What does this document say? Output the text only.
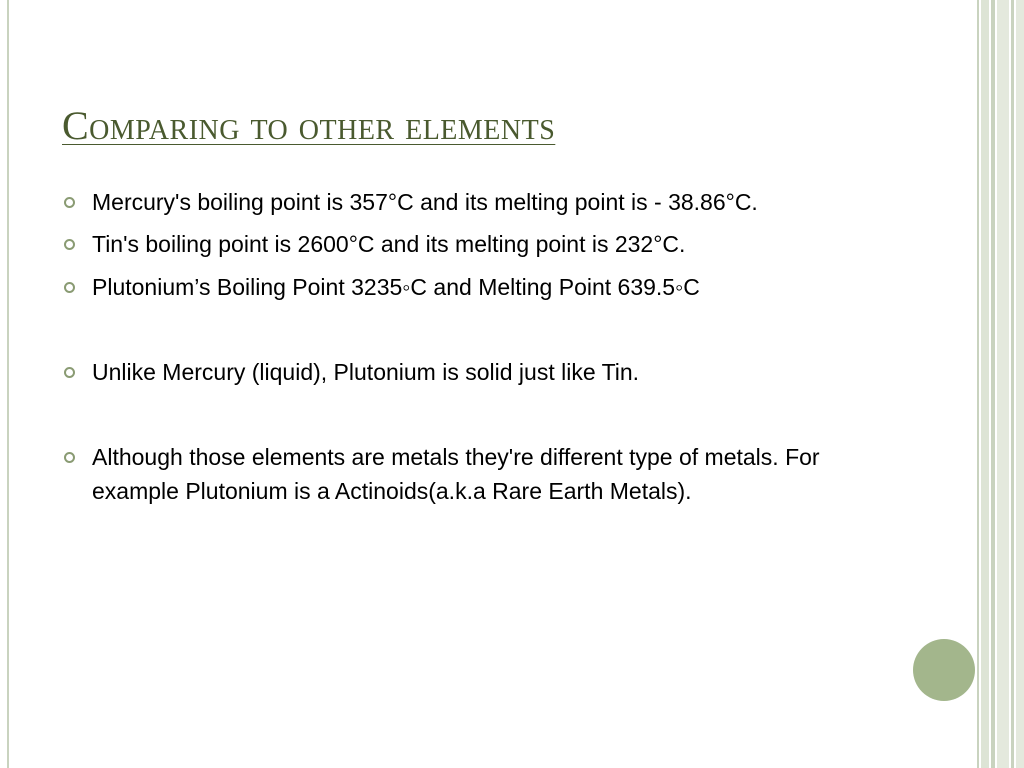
Comparing to other elements
Mercury's boiling point is 357°C and its melting point is - 38.86°C.
Tin's boiling point is 2600°C and its melting point is 232°C.
Plutonium’s Boiling Point 3235◦C and Melting Point 639.5◦C
Unlike Mercury (liquid), Plutonium is solid just like Tin.
Although those elements are metals they're different type of metals. For example Plutonium is a Actinoids(a.k.a Rare Earth Metals).
